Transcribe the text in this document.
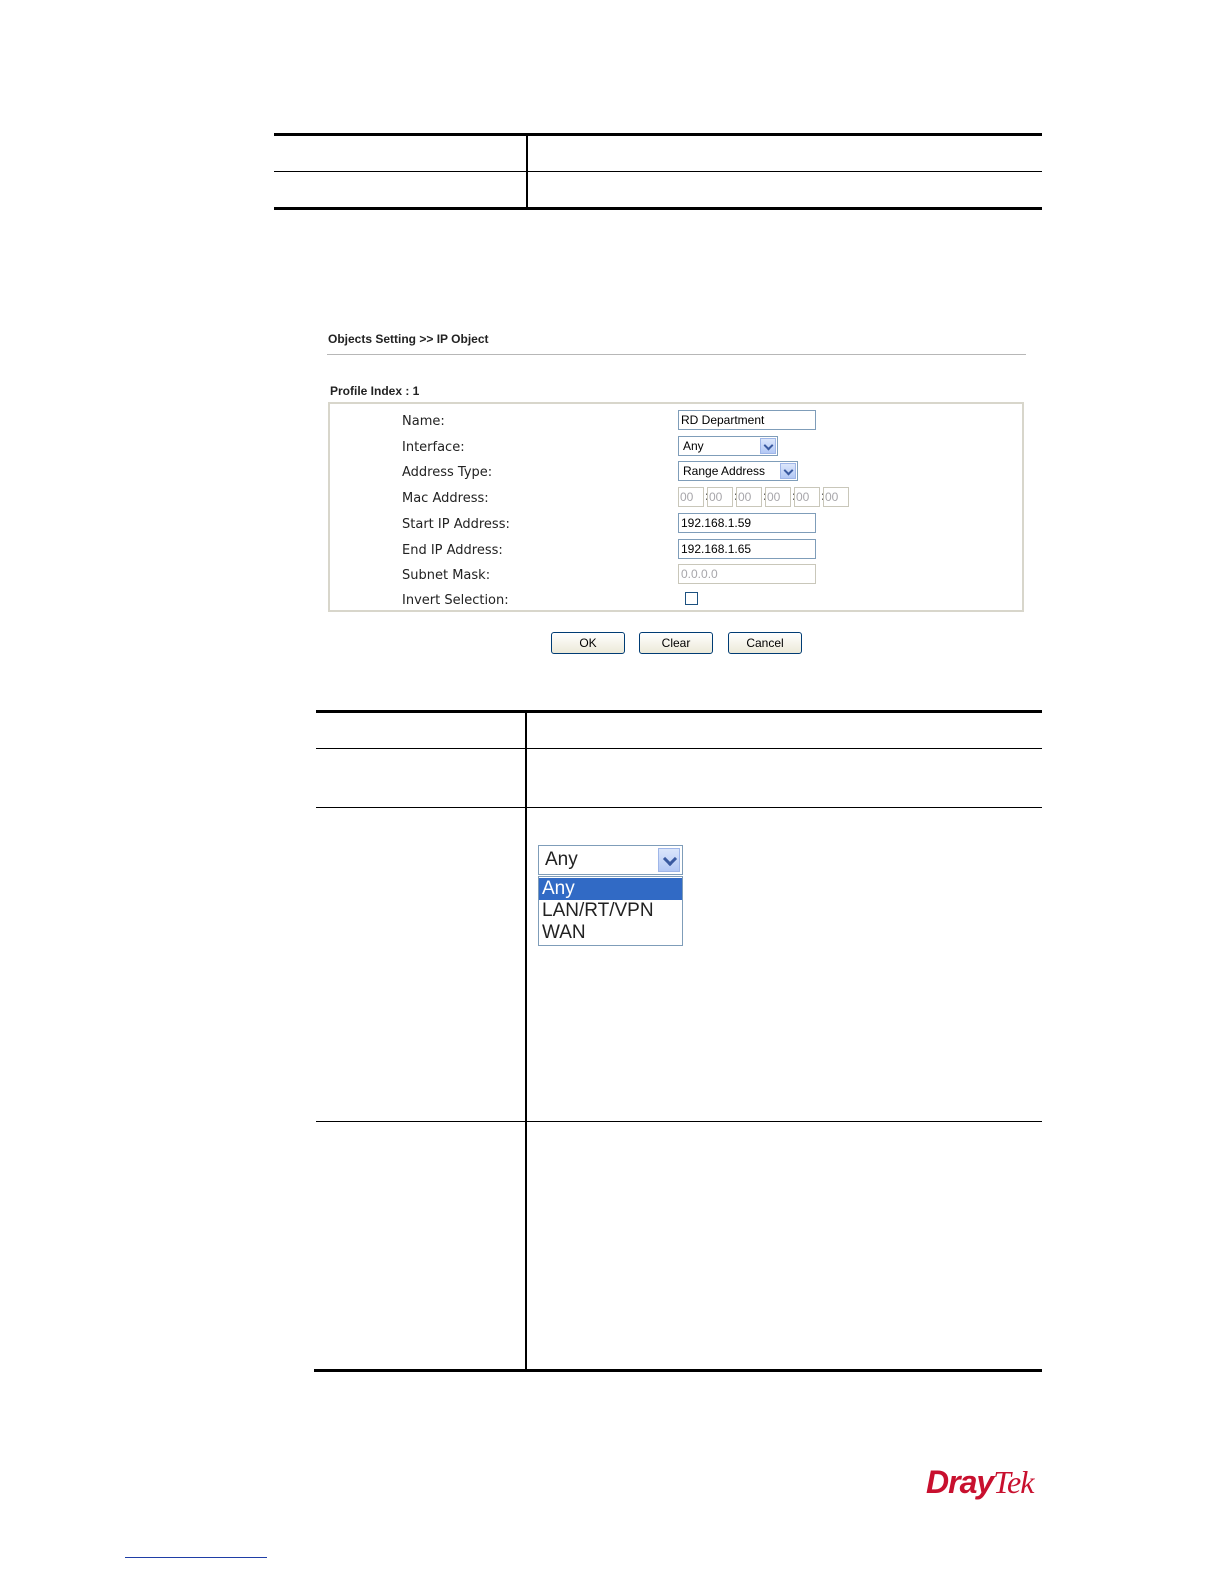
Objects Setting >> IP Object
Profile Index : 1
Name:	RD Department
Interface:	Any
Address Type:	Range Address
Mac Address:	00 : 00 : 00 : 00 : 00 : 00
Start IP Address:	192.168.1.59
End IP Address:	192.168.1.65
Subnet Mask:	0.0.0.0
Invert Selection:
OK	Clear	Cancel
Any
Any
LAN/RT/VPN
WAN
DrayTek
